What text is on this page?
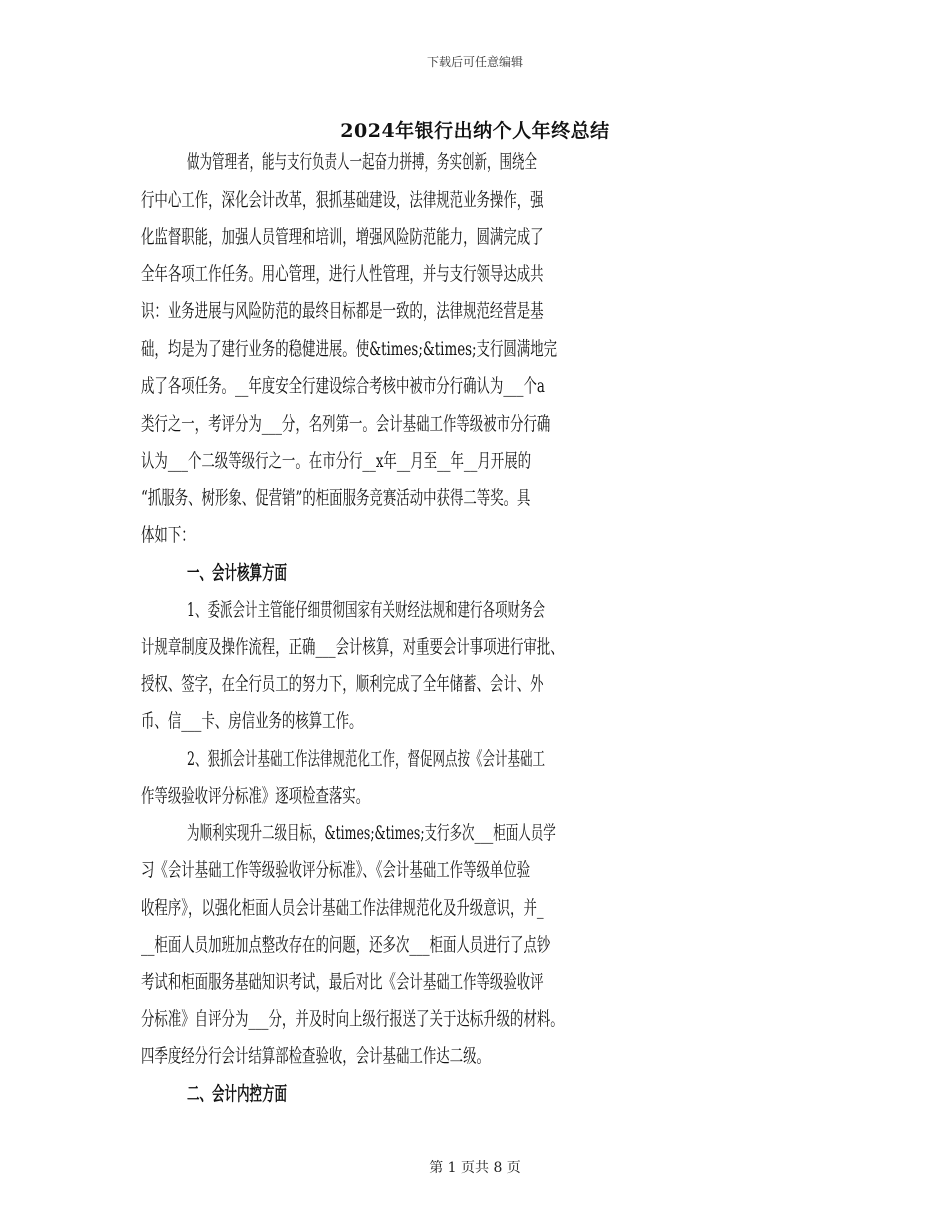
下载后可任意编辑
2024年银行出纳个人年终总结
做为管理者，能与支行负责人一起奋力拼搏，务实创新，围绕全
行中心工作，深化会计改革，狠抓基础建设，法律规范业务操作，强
化监督职能，加强人员管理和培训，增强风险防范能力，圆满完成了
全年各项工作任务。用心管理，进行人性管理，并与支行领导达成共
识：业务进展与风险防范的最终目标都是一致的，法律规范经营是基
础，均是为了建行业务的稳健进展。使&times;&times;支行圆满地完
成了各项任务。__年度安全行建设综合考核中被市分行确认为___个a
类行之一，考评分为___分，名列第一。会计基础工作等级被市分行确
认为___个二级等级行之一。在市分行__x年__月至__年__月开展的
“抓服务、树形象、促营销”的柜面服务竞赛活动中获得二等奖。具
体如下：
一、会计核算方面
1、委派会计主管能仔细贯彻国家有关财经法规和建行各项财务会
计规章制度及操作流程，正确___会计核算，对重要会计事项进行审批、
授权、签字，在全行员工的努力下，顺利完成了全年储蓄、会计、外
币、信___卡、房信业务的核算工作。
2、狠抓会计基础工作法律规范化工作，督促网点按《会计基础工
作等级验收评分标准》逐项检查落实。
为顺利实现升二级目标，&times;&times;支行多次___柜面人员学
习《会计基础工作等级验收评分标准》、《会计基础工作等级单位验
收程序》，以强化柜面人员会计基础工作法律规范化及升级意识，并_
__柜面人员加班加点整改存在的问题，还多次___柜面人员进行了点钞
考试和柜面服务基础知识考试，最后对比《会计基础工作等级验收评
分标准》自评分为___分，并及时向上级行报送了关于达标升级的材料。
四季度经分行会计结算部检查验收，会计基础工作达二级。
二、会计内控方面
第 1 页共 8 页
